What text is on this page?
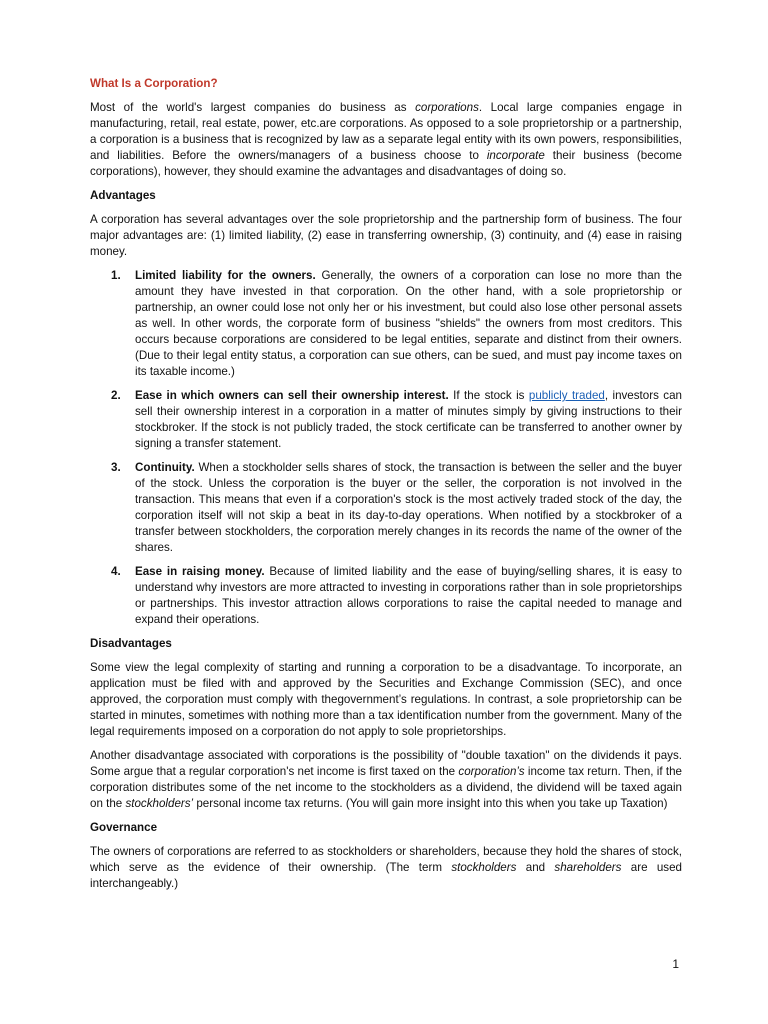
What Is a Corporation?

Most of the world's largest companies do business as corporations. Local large companies engage in manufacturing, retail, real estate, power, etc.are corporations. As opposed to a sole proprietorship or a partnership, a corporation is a business that is recognized by law as a separate legal entity with its own powers, responsibilities, and liabilities. Before the owners/managers of a business choose to incorporate their business (become corporations), however, they should examine the advantages and disadvantages of doing so.

Advantages

A corporation has several advantages over the sole proprietorship and the partnership form of business. The four major advantages are: (1) limited liability, (2) ease in transferring ownership, (3) continuity, and (4) ease in raising money.

1. Limited liability for the owners. Generally, the owners of a corporation can lose no more than the amount they have invested in that corporation. On the other hand, with a sole proprietorship or partnership, an owner could lose not only her or his investment, but could also lose other personal assets as well. In other words, the corporate form of business "shields" the owners from most creditors. This occurs because corporations are considered to be legal entities, separate and distinct from their owners. (Due to their legal entity status, a corporation can sue others, can be sued, and must pay income taxes on its taxable income.)
2. Ease in which owners can sell their ownership interest. If the stock is publicly traded, investors can sell their ownership interest in a corporation in a matter of minutes simply by giving instructions to their stockbroker. If the stock is not publicly traded, the stock certificate can be transferred to another owner by signing a transfer statement.
3. Continuity. When a stockholder sells shares of stock, the transaction is between the seller and the buyer of the stock. Unless the corporation is the buyer or the seller, the corporation is not involved in the transaction. This means that even if a corporation's stock is the most actively traded stock of the day, the corporation itself will not skip a beat in its day-to-day operations. When notified by a stockbroker of a transfer between stockholders, the corporation merely changes in its records the name of the owner of the shares.
4. Ease in raising money. Because of limited liability and the ease of buying/selling shares, it is easy to understand why investors are more attracted to investing in corporations rather than in sole proprietorships or partnerships. This investor attraction allows corporations to raise the capital needed to manage and expand their operations.
Disadvantages

Some view the legal complexity of starting and running a corporation to be a disadvantage. To incorporate, an application must be filed with and approved by the Securities and Exchange Commission (SEC), and once approved, the corporation must comply with thegovernment’s regulations. In contrast, a sole proprietorship can be started in minutes, sometimes with nothing more than a tax identification number from the government. Many of the legal requirements imposed on a corporation do not apply to sole proprietorships.

Another disadvantage associated with corporations is the possibility of "double taxation" on the dividends it pays. Some argue that a regular corporation's net income is first taxed on the corporation’s income tax return. Then, if the corporation distributes some of the net income to the stockholders as a dividend, the dividend will be taxed again on the stockholders’ personal income tax returns. (You will gain more insight into this when you take up Taxation)

Governance

The owners of corporations are referred to as stockholders or shareholders, because they hold the shares of stock, which serve as the evidence of their ownership. (The term stockholders and shareholders are used interchangeably.)

1
